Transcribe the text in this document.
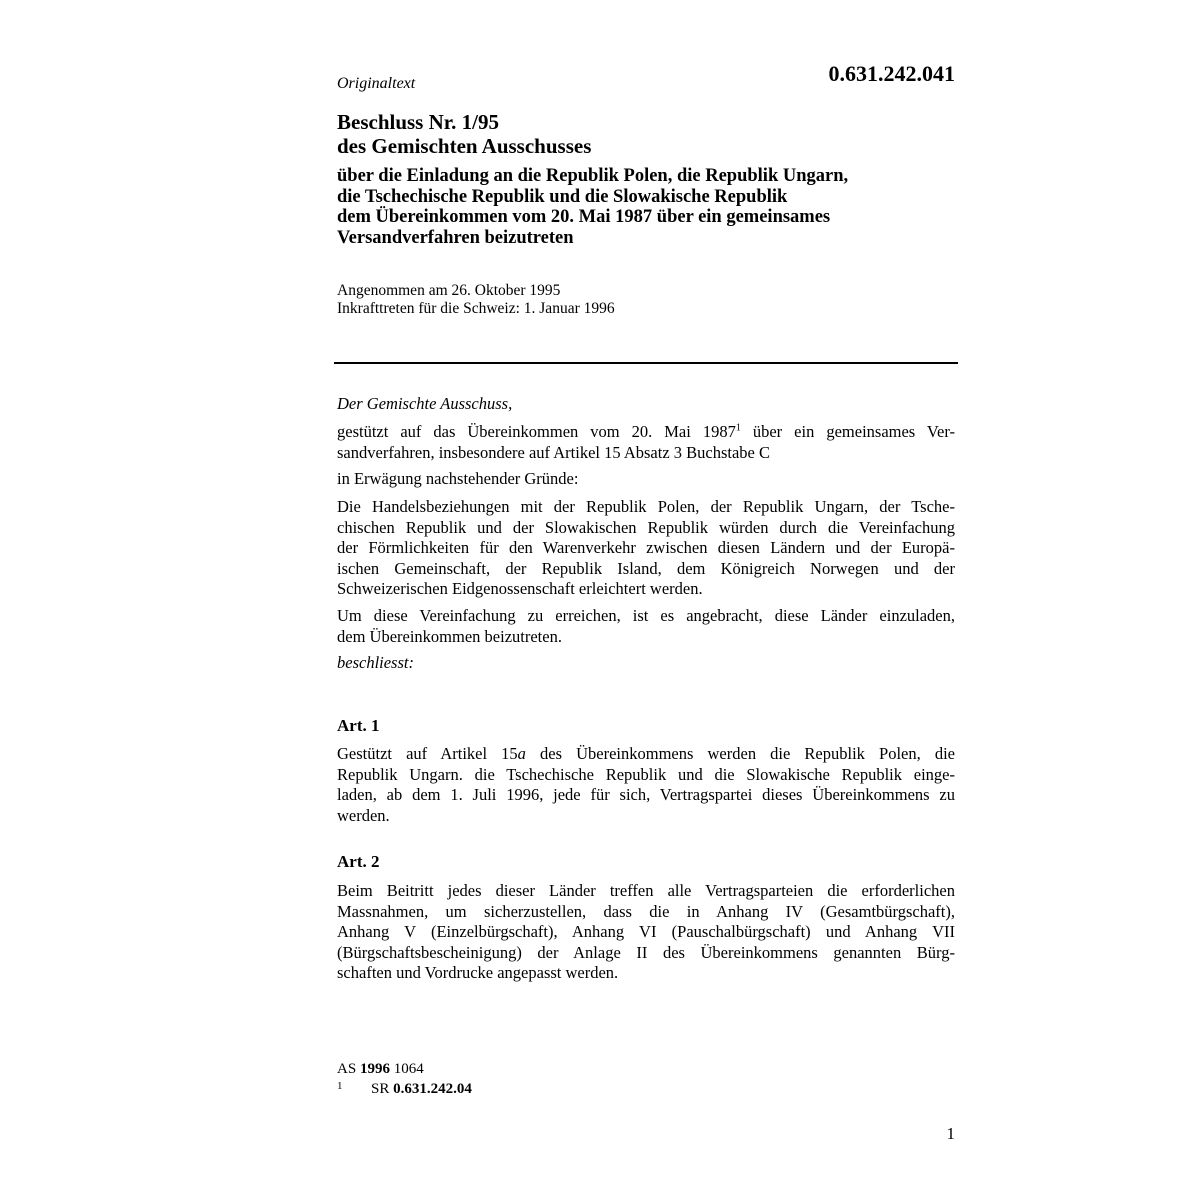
0.631.242.041
Originaltext
Beschluss Nr. 1/95
des Gemischten Ausschusses
über die Einladung an die Republik Polen, die Republik Ungarn,
die Tschechische Republik und die Slowakische Republik
dem Übereinkommen vom 20. Mai 1987 über ein gemeinsames
Versandverfahren beizutreten
Angenommen am 26. Oktober 1995
Inkrafttreten für die Schweiz: 1. Januar 1996
Der Gemischte Ausschuss,
gestützt auf das Übereinkommen vom 20. Mai 1987$^1$ über ein gemeinsames Ver-
sandverfahren, insbesondere auf Artikel 15 Absatz 3 Buchstabe C
in Erwägung nachstehender Gründe:
Die Handelsbeziehungen mit der Republik Polen, der Republik Ungarn, der Tsche-
chischen Republik und der Slowakischen Republik würden durch die Vereinfachung
der Förmlichkeiten für den Warenverkehr zwischen diesen Ländern und der Europä-
ischen Gemeinschaft, der Republik Island, dem Königreich Norwegen und der
Schweizerischen Eidgenossenschaft erleichtert werden.
Um diese Vereinfachung zu erreichen, ist es angebracht, diese Länder einzuladen,
dem Übereinkommen beizutreten.
beschliesst:
Art. 1
Gestützt auf Artikel 15a des Übereinkommens werden die Republik Polen, die
Republik Ungarn. die Tschechische Republik und die Slowakische Republik einge-
laden, ab dem 1. Juli 1996, jede für sich, Vertragspartei dieses Übereinkommens zu
werden.
Art. 2
Beim Beitritt jedes dieser Länder treffen alle Vertragsparteien die erforderlichen
Massnahmen, um sicherzustellen, dass die in Anhang IV (Gesamtbürgschaft),
Anhang V (Einzelbürgschaft), Anhang VI (Pauschalbürgschaft) und Anhang VII
(Bürgschaftsbescheinigung) der Anlage II des Übereinkommens genannten Bürg-
schaften und Vordrucke angepasst werden.
AS 1996 1064
1	SR 0.631.242.04
1
